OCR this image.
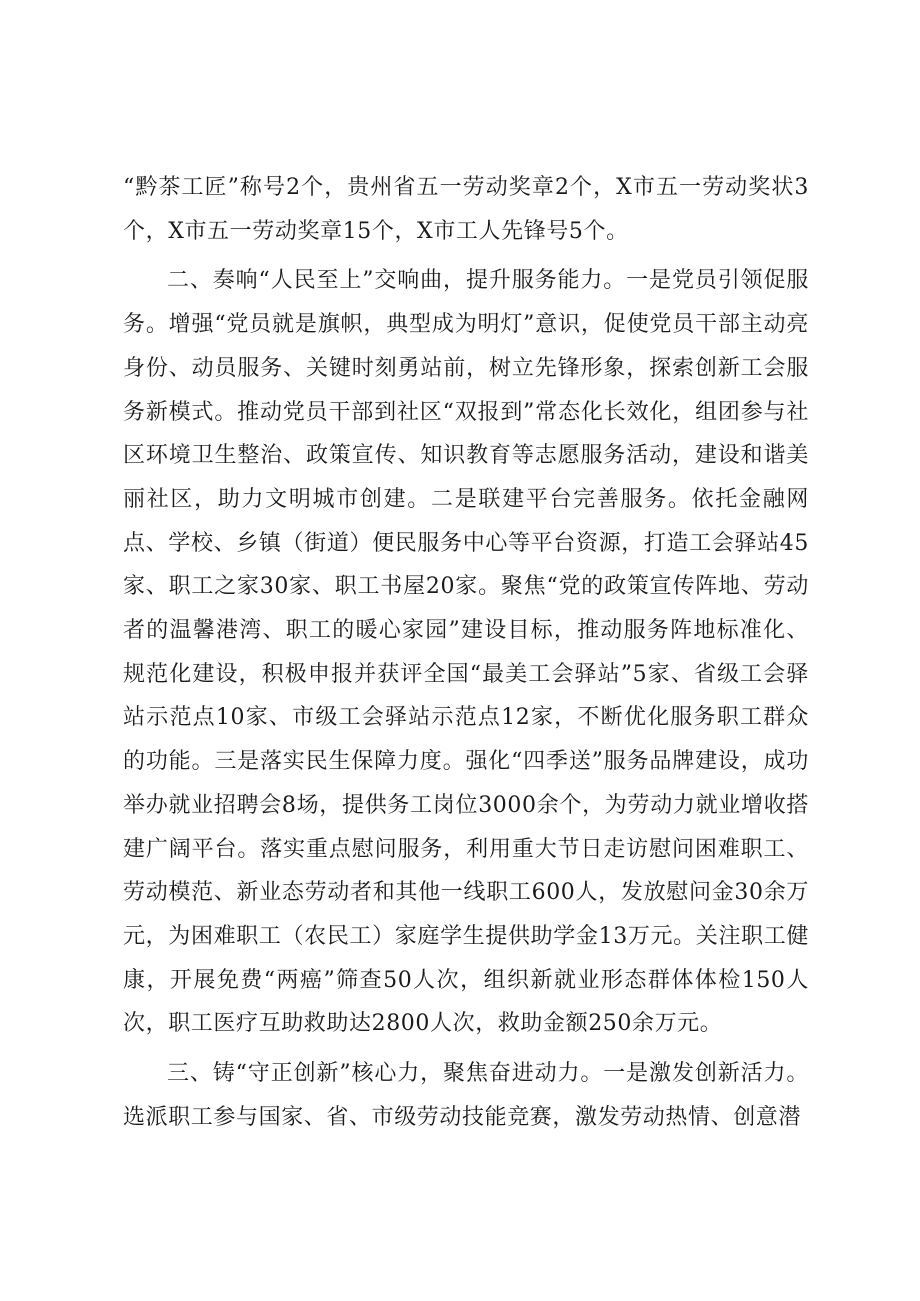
“黔茶工匠”称号2个，贵州省五一劳动奖章2个，X市五一劳动奖状3个，X市五一劳动奖章15个，X市工人先锋号5个。

二、奏响“人民至上”交响曲，提升服务能力。一是党员引领促服务。增强“党员就是旗帜，典型成为明灯”意识，促使党员干部主动亮身份、动员服务、关键时刻勇站前，树立先锋形象，探索创新工会服务新模式。推动党员干部到社区“双报到”常态化长效化，组团参与社区环境卫生整治、政策宣传、知识教育等志愿服务活动，建设和谐美丽社区，助力文明城市创建。二是联建平台完善服务。依托金融网点、学校、乡镇（街道）便民服务中心等平台资源，打造工会驿站45家、职工之家30家、职工书屋20家。聚焦“党的政策宣传阵地、劳动者的温馨港湾、职工的暖心家园”建设目标，推动服务阵地标准化、规范化建设，积极申报并获评全国“最美工会驿站”5家、省级工会驿站示范点10家、市级工会驿站示范点12家，不断优化服务职工群众的功能。三是落实民生保障力度。强化“四季送”服务品牌建设，成功举办就业招聘会8场，提供务工岗位3000余个，为劳动力就业增收搭建广阔平台。落实重点慰问服务，利用重大节日走访慰问困难职工、劳动模范、新业态劳动者和其他一线职工600人，发放慰问金30余万元，为困难职工（农民工）家庭学生提供助学金13万元。关注职工健康，开展免费“两癌”筛查50人次，组织新就业形态群体体检150人次，职工医疗互助救助达2800人次，救助金额250余万元。

三、铸“守正创新”核心力，聚焦奋进动力。一是激发创新活力。选派职工参与国家、省、市级劳动技能竞赛，激发劳动热情、创意潜
